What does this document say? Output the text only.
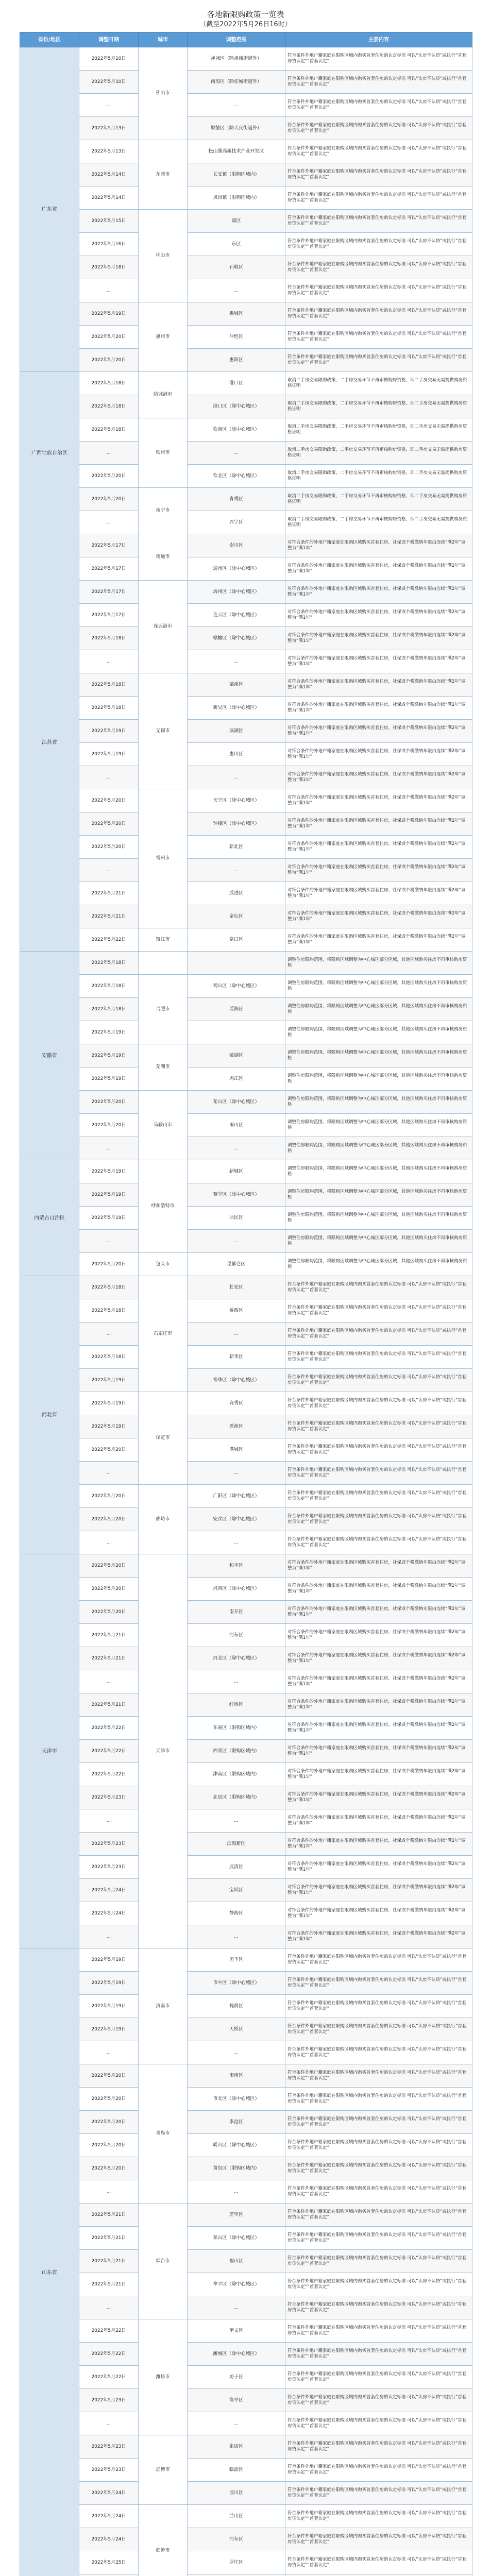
各地新限购政策一览表

（截至2022年5月26日16时）

省份/地区	调整日期	城市	调整范围	主要内容
广东省	2022年5月10日	佛山市	禅城区（除祖庙街道外）	符合条件外地户籍家庭在限购区域内购买首套住房的认定标准 可以“认房不认贷”或执行“首套房贷认定”“首套认定”
	2022年5月10日		南海区（除桂城街道外）	符合条件外地户籍家庭在限购区域内购买首套住房的认定标准 可以“认房不认贷”或执行“首套房贷认定”“首套认定”
	...		...	符合条件外地户籍家庭在限购区域内购买首套住房的认定标准 可以“认房不认贷”或执行“首套房贷认定”“首套认定”
	2022年5月13日		顺德区（除大良街道外）	符合条件外地户籍家庭在限购区域内购买首套住房的认定标准 可以“认房不认贷”或执行“首套房贷认定”“首套认定”
	2022年5月13日	东莞市	松山湖高新技术产业开发区	符合条件外地户籍家庭在限购区域内购买首套住房的认定标准 可以“认房不认贷”或执行“首套房贷认定”“首套认定”
	2022年5月14日		长安镇（限购区域内）	符合条件外地户籍家庭在限购区域内购买首套住房的认定标准 可以“认房不认贷”或执行“首套房贷认定”“首套认定”
	2022年5月14日		凤岗镇（限购区域内）	符合条件外地户籍家庭在限购区域内购买首套住房的认定标准 可以“认房不认贷”或执行“首套房贷认定”“首套认定”
	2022年5月15日	中山市	南区	符合条件外地户籍家庭在限购区域内购买首套住房的认定标准 可以“认房不认贷”或执行“首套房贷认定”“首套认定”
	2022年5月16日		东区	符合条件外地户籍家庭在限购区域内购买首套住房的认定标准 可以“认房不认贷”或执行“首套房贷认定”“首套认定”
	2022年5月18日		石岐区	符合条件外地户籍家庭在限购区域内购买首套住房的认定标准 可以“认房不认贷”或执行“首套房贷认定”“首套认定”
	...		...	符合条件外地户籍家庭在限购区域内购买首套住房的认定标准 可以“认房不认贷”或执行“首套房贷认定”“首套认定”
	2022年5月19日	惠州市	惠城区	符合条件外地户籍家庭在限购区域内购买首套住房的认定标准 可以“认房不认贷”或执行“首套房贷认定”“首套认定”
	2022年5月20日		仲恺区	符合条件外地户籍家庭在限购区域内购买首套住房的认定标准 可以“认房不认贷”或执行“首套房贷认定”“首套认定”
	2022年5月20日		惠阳区	符合条件外地户籍家庭在限购区域内购买首套住房的认定标准 可以“认房不认贷”或执行“首套房贷认定”“首套认定”
广西壮族自治区	2022年5月18日	防城港市	港口区	取消二手房交易限购政策，二手房交易环节不再审核购房资格，即二手房交易无需提供购房资格证明
	2022年5月18日		港口区（除中心城区）	取消二手房交易限购政策，二手房交易环节不再审核购房资格，即二手房交易无需提供购房资格证明
	2022年5月18日	钦州市	钦南区（除中心城区）	取消二手房交易限购政策，二手房交易环节不再审核购房资格，即二手房交易无需提供购房资格证明
	...		...	取消二手房交易限购政策，二手房交易环节不再审核购房资格，即二手房交易无需提供购房资格证明
	2022年5月20日		钦北区（除中心城区）	取消二手房交易限购政策，二手房交易环节不再审核购房资格，即二手房交易无需提供购房资格证明
	2022年5月20日	南宁市	青秀区	取消二手房交易限购政策，二手房交易环节不再审核购房资格，即二手房交易无需提供购房资格证明
	...		兴宁区	取消二手房交易限购政策，二手房交易环节不再审核购房资格，即二手房交易无需提供购房资格证明
江苏省	2022年5月17日	南通市	崇川区	对符合条件的外地户籍家庭在限购区域购买首套住房，社保或个税缴纳年限由连续“满2年”调整为“满1年”
	2022年5月17日		通州区（除中心城区）	对符合条件的外地户籍家庭在限购区域购买首套住房，社保或个税缴纳年限由连续“满2年”调整为“满1年”
	2022年5月17日	连云港市	海州区（除中心城区）	对符合条件的外地户籍家庭在限购区域购买首套住房，社保或个税缴纳年限由连续“满2年”调整为“满1年”
	2022年5月17日		连云区（除中心城区）	对符合条件的外地户籍家庭在限购区域购买首套住房，社保或个税缴纳年限由连续“满2年”调整为“满1年”
	2022年5月18日		赣榆区（除中心城区）	对符合条件的外地户籍家庭在限购区域购买首套住房，社保或个税缴纳年限由连续“满2年”调整为“满1年”
	...		...	对符合条件的外地户籍家庭在限购区域购买首套住房，社保或个税缴纳年限由连续“满2年”调整为“满1年”
	2022年5月18日	无锡市	梁溪区	对符合条件的外地户籍家庭在限购区域购买首套住房，社保或个税缴纳年限由连续“满2年”调整为“满1年”
	2022年5月18日		新吴区（除中心城区）	对符合条件的外地户籍家庭在限购区域购买首套住房，社保或个税缴纳年限由连续“满2年”调整为“满1年”
	2022年5月19日		滨湖区	对符合条件的外地户籍家庭在限购区域购买首套住房，社保或个税缴纳年限由连续“满2年”调整为“满1年”
	2022年5月19日		惠山区	对符合条件的外地户籍家庭在限购区域购买首套住房，社保或个税缴纳年限由连续“满2年”调整为“满1年”
	...		...	对符合条件的外地户籍家庭在限购区域购买首套住房，社保或个税缴纳年限由连续“满2年”调整为“满1年”
	2022年5月20日	常州市	天宁区（除中心城区）	对符合条件的外地户籍家庭在限购区域购买首套住房，社保或个税缴纳年限由连续“满2年”调整为“满1年”
	2022年5月20日		钟楼区（除中心城区）	对符合条件的外地户籍家庭在限购区域购买首套住房，社保或个税缴纳年限由连续“满2年”调整为“满1年”
	2022年5月20日		新北区	对符合条件的外地户籍家庭在限购区域购买首套住房，社保或个税缴纳年限由连续“满2年”调整为“满1年”
	...		...	对符合条件的外地户籍家庭在限购区域购买首套住房，社保或个税缴纳年限由连续“满2年”调整为“满1年”
	2022年5月21日		武进区	对符合条件的外地户籍家庭在限购区域购买首套住房，社保或个税缴纳年限由连续“满2年”调整为“满1年”
	2022年5月21日		金坛区	对符合条件的外地户籍家庭在限购区域购买首套住房，社保或个税缴纳年限由连续“满2年”调整为“满1年”
	2022年5月22日	镇江市	京口区	对符合条件的外地户籍家庭在限购区域购买首套住房，社保或个税缴纳年限由连续“满2年”调整为“满1年”
安徽省	2022年5月18日			调整住房限购范围，将限购区域调整为中心城区部分区域，其他区域购买住房不再审核购房资格
	2022年5月18日	合肥市	蜀山区（除中心城区）	调整住房限购范围，将限购区域调整为中心城区部分区域，其他区域购买住房不再审核购房资格
	2022年5月18日		瑶海区	调整住房限购范围，将限购区域调整为中心城区部分区域，其他区域购买住房不再审核购房资格
	2022年5月19日			调整住房限购范围，将限购区域调整为中心城区部分区域，其他区域购买住房不再审核购房资格
	2022年5月19日	芜湖市	镜湖区	调整住房限购范围，将限购区域调整为中心城区部分区域，其他区域购买住房不再审核购房资格
	2022年5月19日		鸠江区	调整住房限购范围，将限购区域调整为中心城区部分区域，其他区域购买住房不再审核购房资格
	2022年5月20日	马鞍山市	花山区（除中心城区）	调整住房限购范围，将限购区域调整为中心城区部分区域，其他区域购买住房不再审核购房资格
	2022年5月20日		雨山区	调整住房限购范围，将限购区域调整为中心城区部分区域，其他区域购买住房不再审核购房资格
	...		...	调整住房限购范围，将限购区域调整为中心城区部分区域，其他区域购买住房不再审核购房资格
内蒙古自治区	2022年5月19日	呼和浩特市	新城区	调整住房限购范围，将限购区域调整为中心城区部分区域，其他区域购买住房不再审核购房资格
	2022年5月19日		赛罕区（除中心城区）	调整住房限购范围，将限购区域调整为中心城区部分区域，其他区域购买住房不再审核购房资格
	2022年5月19日		回民区	调整住房限购范围，将限购区域调整为中心城区部分区域，其他区域购买住房不再审核购房资格
	...		...	调整住房限购范围，将限购区域调整为中心城区部分区域，其他区域购买住房不再审核购房资格
	2022年5月20日	包头市	昆都仑区	调整住房限购范围，将限购区域调整为中心城区部分区域，其他区域购买住房不再审核购房资格
河北省	2022年5月18日	石家庄市	长安区	符合条件外地户籍家庭在限购区域内购买首套住房的认定标准 可以“认房不认贷”或执行“首套房贷认定”“首套认定”
	2022年5月18日		桥西区	符合条件外地户籍家庭在限购区域内购买首套住房的认定标准 可以“认房不认贷”或执行“首套房贷认定”“首套认定”
	...		...	符合条件外地户籍家庭在限购区域内购买首套住房的认定标准 可以“认房不认贷”或执行“首套房贷认定”“首套认定”
	2022年5月18日		新华区	符合条件外地户籍家庭在限购区域内购买首套住房的认定标准 可以“认房不认贷”或执行“首套房贷认定”“首套认定”
	2022年5月19日		裕华区（除中心城区）	符合条件外地户籍家庭在限购区域内购买首套住房的认定标准 可以“认房不认贷”或执行“首套房贷认定”“首套认定”
	2022年5月19日	保定市	竞秀区	符合条件外地户籍家庭在限购区域内购买首套住房的认定标准 可以“认房不认贷”或执行“首套房贷认定”“首套认定”
	2022年5月19日		莲池区	符合条件外地户籍家庭在限购区域内购买首套住房的认定标准 可以“认房不认贷”或执行“首套房贷认定”“首套认定”
	2022年5月20日		满城区	符合条件外地户籍家庭在限购区域内购买首套住房的认定标准 可以“认房不认贷”或执行“首套房贷认定”“首套认定”
	...		...	符合条件外地户籍家庭在限购区域内购买首套住房的认定标准 可以“认房不认贷”或执行“首套房贷认定”“首套认定”
	2022年5月20日	廊坊市	广阳区（除中心城区）	符合条件外地户籍家庭在限购区域内购买首套住房的认定标准 可以“认房不认贷”或执行“首套房贷认定”“首套认定”
	2022年5月20日		安次区（除中心城区）	符合条件外地户籍家庭在限购区域内购买首套住房的认定标准 可以“认房不认贷”或执行“首套房贷认定”“首套认定”
	...		...	符合条件外地户籍家庭在限购区域内购买首套住房的认定标准 可以“认房不认贷”或执行“首套房贷认定”“首套认定”
天津市	2022年5月20日	天津市	和平区	对符合条件的外地户籍家庭在限购区域购买首套住房，社保或个税缴纳年限由连续“满2年”调整为“满1年”
	2022年5月20日		河西区（除中心城区）	对符合条件的外地户籍家庭在限购区域购买首套住房，社保或个税缴纳年限由连续“满2年”调整为“满1年”
	2022年5月20日		南开区	对符合条件的外地户籍家庭在限购区域购买首套住房，社保或个税缴纳年限由连续“满2年”调整为“满1年”
	2022年5月21日		河东区	对符合条件的外地户籍家庭在限购区域购买首套住房，社保或个税缴纳年限由连续“满2年”调整为“满1年”
	2022年5月21日		河北区（除中心城区）	对符合条件的外地户籍家庭在限购区域购买首套住房，社保或个税缴纳年限由连续“满2年”调整为“满1年”
	...		...	对符合条件的外地户籍家庭在限购区域购买首套住房，社保或个税缴纳年限由连续“满2年”调整为“满1年”
	2022年5月21日		红桥区	对符合条件的外地户籍家庭在限购区域购买首套住房，社保或个税缴纳年限由连续“满2年”调整为“满1年”
	2022年5月22日		东丽区（限购区域内）	对符合条件的外地户籍家庭在限购区域购买首套住房，社保或个税缴纳年限由连续“满2年”调整为“满1年”
	2022年5月22日		西青区（限购区域内）	对符合条件的外地户籍家庭在限购区域购买首套住房，社保或个税缴纳年限由连续“满2年”调整为“满1年”
	2022年5月22日		津南区（限购区域内）	对符合条件的外地户籍家庭在限购区域购买首套住房，社保或个税缴纳年限由连续“满2年”调整为“满1年”
	2022年5月23日		北辰区（限购区域内）	对符合条件的外地户籍家庭在限购区域购买首套住房，社保或个税缴纳年限由连续“满2年”调整为“满1年”
	...		...	对符合条件的外地户籍家庭在限购区域购买首套住房，社保或个税缴纳年限由连续“满2年”调整为“满1年”
	2022年5月23日		滨海新区	对符合条件的外地户籍家庭在限购区域购买首套住房，社保或个税缴纳年限由连续“满2年”调整为“满1年”
	2022年5月23日		武清区	对符合条件的外地户籍家庭在限购区域购买首套住房，社保或个税缴纳年限由连续“满2年”调整为“满1年”
	2022年5月24日		宝坻区	对符合条件的外地户籍家庭在限购区域购买首套住房，社保或个税缴纳年限由连续“满2年”调整为“满1年”
	2022年5月24日		静海区	对符合条件的外地户籍家庭在限购区域购买首套住房，社保或个税缴纳年限由连续“满2年”调整为“满1年”
	...		...	对符合条件的外地户籍家庭在限购区域购买首套住房，社保或个税缴纳年限由连续“满2年”调整为“满1年”
山东省	2022年5月19日	济南市	历下区	符合条件外地户籍家庭在限购区域内购买首套住房的认定标准 可以“认房不认贷”或执行“首套房贷认定”“首套认定”
	2022年5月19日		市中区（除中心城区）	符合条件外地户籍家庭在限购区域内购买首套住房的认定标准 可以“认房不认贷”或执行“首套房贷认定”“首套认定”
	2022年5月19日		槐荫区	符合条件外地户籍家庭在限购区域内购买首套住房的认定标准 可以“认房不认贷”或执行“首套房贷认定”“首套认定”
	2022年5月19日		天桥区	符合条件外地户籍家庭在限购区域内购买首套住房的认定标准 可以“认房不认贷”或执行“首套房贷认定”“首套认定”
	...		...	符合条件外地户籍家庭在限购区域内购买首套住房的认定标准 可以“认房不认贷”或执行“首套房贷认定”“首套认定”
	2022年5月20日	青岛市	市南区	符合条件外地户籍家庭在限购区域内购买首套住房的认定标准 可以“认房不认贷”或执行“首套房贷认定”“首套认定”
	2022年5月20日		市北区（除中心城区）	符合条件外地户籍家庭在限购区域内购买首套住房的认定标准 可以“认房不认贷”或执行“首套房贷认定”“首套认定”
	2022年5月20日		李沧区	符合条件外地户籍家庭在限购区域内购买首套住房的认定标准 可以“认房不认贷”或执行“首套房贷认定”“首套认定”
	2022年5月20日		崂山区（除中心城区）	符合条件外地户籍家庭在限购区域内购买首套住房的认定标准 可以“认房不认贷”或执行“首套房贷认定”“首套认定”
	2022年5月20日		黄岛区（限购区域内）	符合条件外地户籍家庭在限购区域内购买首套住房的认定标准 可以“认房不认贷”或执行“首套房贷认定”“首套认定”
	...		...	符合条件外地户籍家庭在限购区域内购买首套住房的认定标准 可以“认房不认贷”或执行“首套房贷认定”“首套认定”
	2022年5月21日	烟台市	芝罘区	符合条件外地户籍家庭在限购区域内购买首套住房的认定标准 可以“认房不认贷”或执行“首套房贷认定”“首套认定”
	2022年5月21日		莱山区（除中心城区）	符合条件外地户籍家庭在限购区域内购买首套住房的认定标准 可以“认房不认贷”或执行“首套房贷认定”“首套认定”
	2022年5月21日		福山区	符合条件外地户籍家庭在限购区域内购买首套住房的认定标准 可以“认房不认贷”或执行“首套房贷认定”“首套认定”
	2022年5月21日		牟平区（除中心城区）	符合条件外地户籍家庭在限购区域内购买首套住房的认定标准 可以“认房不认贷”或执行“首套房贷认定”“首套认定”
	...		...	符合条件外地户籍家庭在限购区域内购买首套住房的认定标准 可以“认房不认贷”或执行“首套房贷认定”“首套认定”
	2022年5月22日	潍坊市	奎文区	符合条件外地户籍家庭在限购区域内购买首套住房的认定标准 可以“认房不认贷”或执行“首套房贷认定”“首套认定”
	2022年5月22日		潍城区（除中心城区）	符合条件外地户籍家庭在限购区域内购买首套住房的认定标准 可以“认房不认贷”或执行“首套房贷认定”“首套认定”
	2022年5月22日		坊子区	符合条件外地户籍家庭在限购区域内购买首套住房的认定标准 可以“认房不认贷”或执行“首套房贷认定”“首套认定”
	2022年5月23日		寒亭区	符合条件外地户籍家庭在限购区域内购买首套住房的认定标准 可以“认房不认贷”或执行“首套房贷认定”“首套认定”
	...		...	符合条件外地户籍家庭在限购区域内购买首套住房的认定标准 可以“认房不认贷”或执行“首套房贷认定”“首套认定”
	2022年5月23日	淄博市	张店区	符合条件外地户籍家庭在限购区域内购买首套住房的认定标准 可以“认房不认贷”或执行“首套房贷认定”“首套认定”
	2022年5月23日		临淄区	符合条件外地户籍家庭在限购区域内购买首套住房的认定标准 可以“认房不认贷”或执行“首套房贷认定”“首套认定”
	2022年5月24日		淄川区	符合条件外地户籍家庭在限购区域内购买首套住房的认定标准 可以“认房不认贷”或执行“首套房贷认定”“首套认定”
	2022年5月24日	临沂市	兰山区	符合条件外地户籍家庭在限购区域内购买首套住房的认定标准 可以“认房不认贷”或执行“首套房贷认定”“首套认定”
	2022年5月24日		河东区	符合条件外地户籍家庭在限购区域内购买首套住房的认定标准 可以“认房不认贷”或执行“首套房贷认定”“首套认定”
	2022年5月25日		罗庄区	符合条件外地户籍家庭在限购区域内购买首套住房的认定标准 可以“认房不认贷”或执行“首套房贷认定”“首套认定”
